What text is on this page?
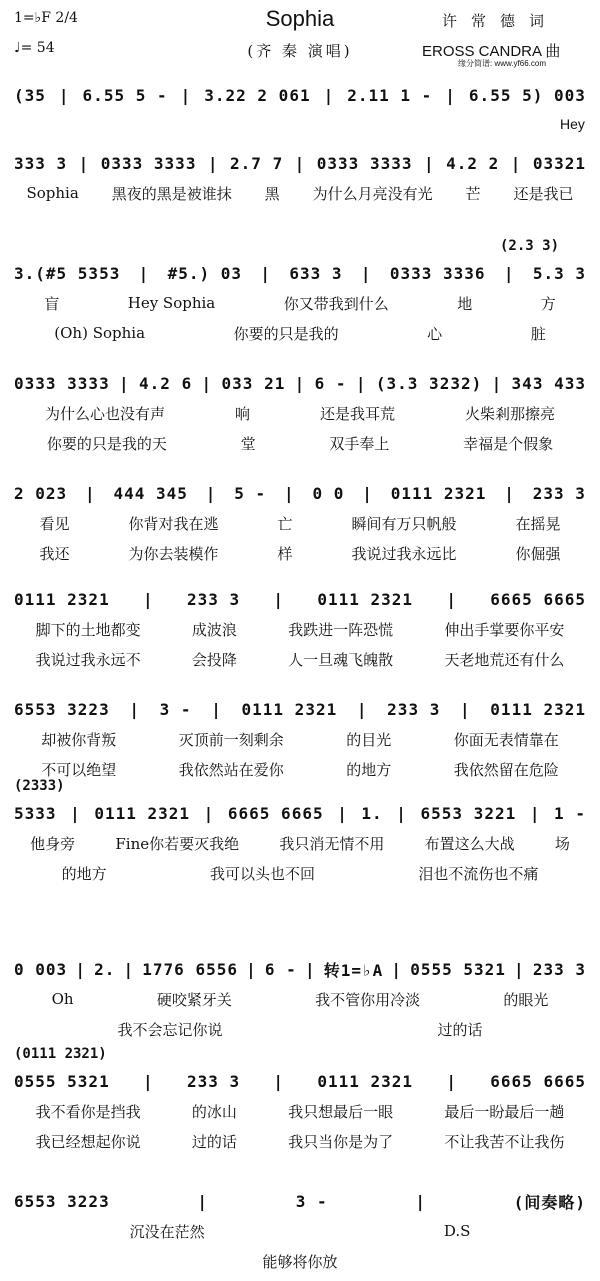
Sophia
(齐 秦 演唱)
1=♭F 2/4
♩= 54
许常德词
EROSS CANDRA 曲
缘分简谱: www.yf66.com
(35 | 6.55 5 - | 3.22 2 061 | 2.11 1 - | 6.55 5) 003
Hey
333 3 | 0333 3333 | 2.7 7 | 0333 3333 | 4.2 2 | 03321
Sophia 黑夜的黑是被谁抹 黑 为什么月亮没有光 芒 还是我已
(2.3 3)
3.(#5 5353 | #5.) 03 | 633 3 | 0333 3336 | 5.3 3
盲	Hey Sophia	你又带我到什么	地	方
(Oh) Sophia	你要的只是我的	心	脏
0333 3333 | 4.2 6 | 033 21 | 6 - | (3.3 3232) | 343 433
为什么心也没有声	响	还是我耳荒	火柴剎那擦亮
你要的只是我的天	堂	双手奉上	幸福是个假象
2 023 | 444 345 | 5 - | 0 0 | 0111 2321 | 233 3
看见	你背对我在逃	亡	瞬间有万只帆般	在摇晃
我还	为你去装模作	样	我说过我永远比	你倔强
0111 2321 | 233 3 | 0111 2321 | 6665 6665
脚下的土地都变	成波浪	我跌进一阵恐慌	伸出手掌要你平安
我说过我永远不	会投降	人一旦魂飞魄散	天老地荒还有什么
6553 3223 | 3 - | 0111 2321 | 233 3 | 0111 2321
却被你背叛	灭顶前一刻剩余	的目光	你面无表情靠在
不可以绝望	我依然站在爱你	的地方	我依然留在危险
(2333)
5333 | 0111 2321 | 6665 6665 | 1. | 6553 3221 | 1 -
他身旁	Fine你若要灭我绝	我只消无情不用	布置这么大战	场
的地方	我可以头也不回	泪也不流伤也不痛
0 003 | 2. | 1776 6556 | 6 - | 转1=♭A | 0555 5321 | 233 3
Oh	硬咬紧牙关	我不管你用冷淡	的眼光
我不会忘记你说	过的话
(0111 2321)
0555 5321 | 233 3 | 0111 2321 | 6665 6665
我不看你是挡我	的冰山	我只想最后一眼	最后一盼最后一趟
我已经想起你说	过的话	我只当你是为了	不让我苦不让我伤
6553 3223	|	3 -	|	(间奏略)
沉没在茫然	D.S
能够将你放
